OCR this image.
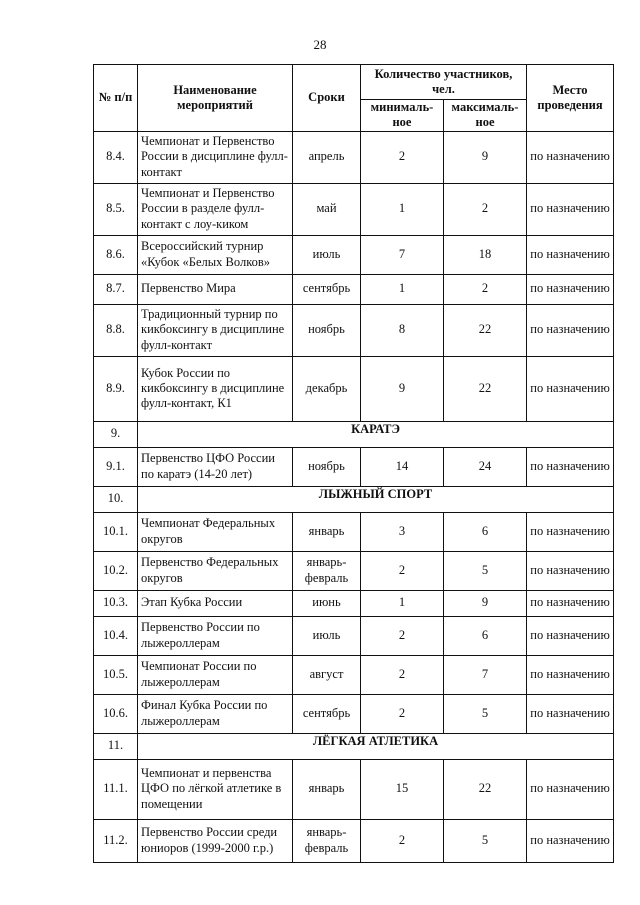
28
№ п/п	Наименование мероприятий	Сроки	Количество участников, чел.		Место проведения
			минималь-ное	максималь-ное	
8.4.	Чемпионат и Первенство России в дисциплине фулл-контакт	апрель	2	9	по назначению
8.5.	Чемпионат и Первенство России в разделе фулл-контакт с лоу-киком	май	1	2	по назначению
8.6.	Всероссийский турнир «Кубок «Белых Волков»	июль	7	18	по назначению
8.7.	Первенство Мира	сентябрь	1	2	по назначению
8.8.	Традиционный турнир по кикбоксингу в дисциплине фулл-контакт	ноябрь	8	22	по назначению
8.9.	Кубок России по кикбоксингу в дисциплине фулл-контакт, К1	декабрь	9	22	по назначению
9.	КАРАТЭ				
9.1.	Первенство ЦФО России по каратэ (14-20 лет)	ноябрь	14	24	по назначению
10.	ЛЫЖНЫЙ СПОРТ				
10.1.	Чемпионат Федеральных округов	январь	3	6	по назначению
10.2.	Первенство Федеральных округов	январь-февраль	2	5	по назначению
10.3.	Этап Кубка России	июнь	1	9	по назначению
10.4.	Первенство России по лыжероллерам	июль	2	6	по назначению
10.5.	Чемпионат России по лыжероллерам	август	2	7	по назначению
10.6.	Финал Кубка России по лыжероллерам	сентябрь	2	5	по назначению
11.	ЛЁГКАЯ АТЛЕТИКА				
11.1.	Чемпионат и первенства ЦФО по лёгкой атлетике в помещении	январь	15	22	по назначению
11.2.	Первенство России среди юниоров (1999-2000 г.р.)	январь-февраль	2	5	по назначению
